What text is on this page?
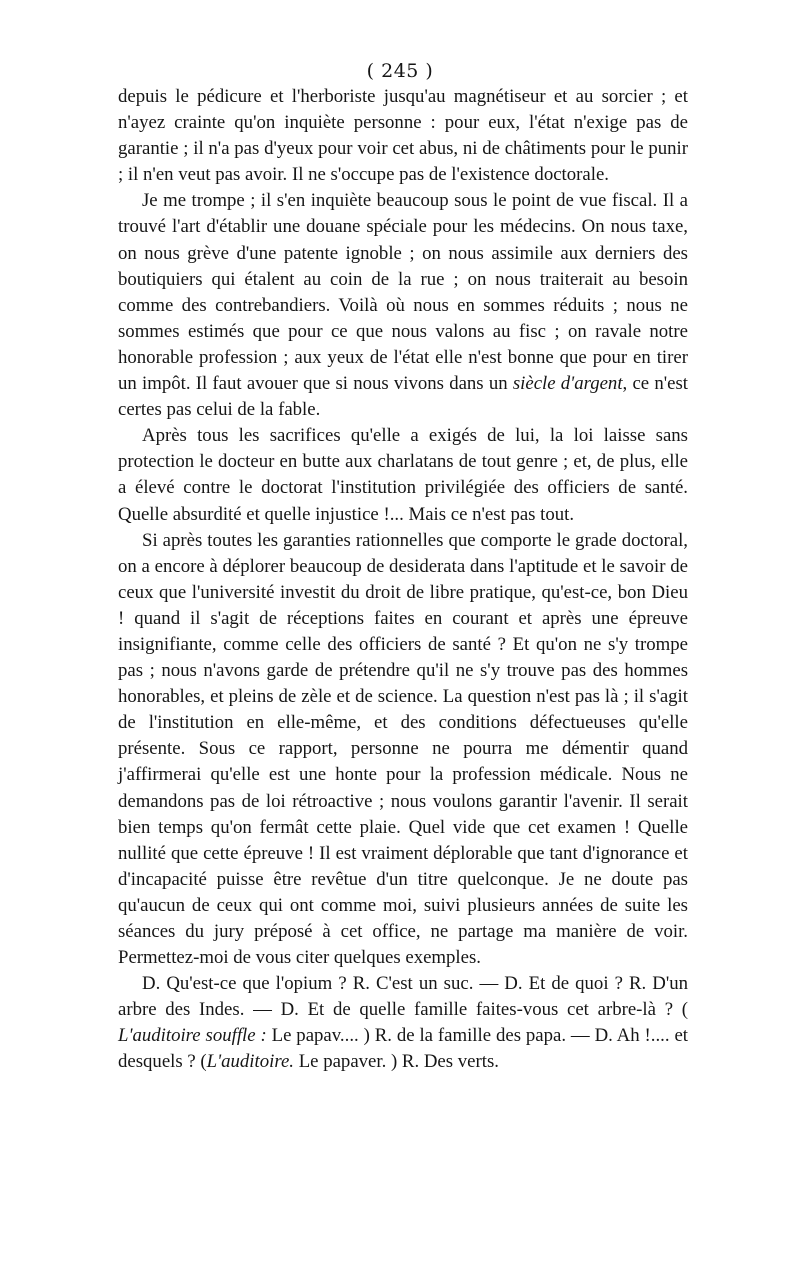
( 245 )

depuis le pédicure et l'herboriste jusqu'au magnétiseur et au sorcier ; et n'ayez crainte qu'on inquiète personne : pour eux, l'état n'exige pas de garantie ; il n'a pas d'yeux pour voir cet abus, ni de châtiments pour le punir ; il n'en veut pas avoir. Il ne s'occupe pas de l'existence doctorale.

Je me trompe ; il s'en inquiète beaucoup sous le point de vue fiscal. Il a trouvé l'art d'établir une douane spéciale pour les médecins. On nous taxe, on nous grève d'une patente ignoble ; on nous assimile aux derniers des boutiquiers qui étalent au coin de la rue ; on nous traiterait au besoin comme des contrebandiers. Voilà où nous en sommes réduits ; nous ne sommes estimés que pour ce que nous valons au fisc ; on ravale notre honorable profession ; aux yeux de l'état elle n'est bonne que pour en tirer un impôt. Il faut avouer que si nous vivons dans un siècle d'argent, ce n'est certes pas celui de la fable.

Après tous les sacrifices qu'elle a exigés de lui, la loi laisse sans protection le docteur en butte aux charlatans de tout genre ; et, de plus, elle a élevé contre le doctorat l'institution privilégiée des officiers de santé. Quelle absurdité et quelle injustice !... Mais ce n'est pas tout.

Si après toutes les garanties rationnelles que comporte le grade doctoral, on a encore à déplorer beaucoup de desiderata dans l'aptitude et le savoir de ceux que l'université investit du droit de libre pratique, qu'est-ce, bon Dieu ! quand il s'agit de réceptions faites en courant et après une épreuve insignifiante, comme celle des officiers de santé ? Et qu'on ne s'y trompe pas ; nous n'avons garde de prétendre qu'il ne s'y trouve pas des hommes honorables, et pleins de zèle et de science. La question n'est pas là ; il s'agit de l'institution en elle-même, et des conditions défectueuses qu'elle présente. Sous ce rapport, personne ne pourra me démentir quand j'affirmerai qu'elle est une honte pour la profession médicale. Nous ne demandons pas de loi rétroactive ; nous voulons garantir l'avenir. Il serait bien temps qu'on fermât cette plaie. Quel vide que cet examen ! Quelle nullité que cette épreuve ! Il est vraiment déplorable que tant d'ignorance et d'incapacité puisse être revêtue d'un titre quelconque. Je ne doute pas qu'aucun de ceux qui ont comme moi, suivi plusieurs années de suite les séances du jury préposé à cet office, ne partage ma manière de voir. Permettez-moi de vous citer quelques exemples.

D. Qu'est-ce que l'opium ? R. C'est un suc. — D. Et de quoi ? R. D'un arbre des Indes. — D. Et de quelle famille faites-vous cet arbre-là ? ( L'auditoire souffle : Le papav.... ) R. de la famille des papa. — D. Ah !.... et desquels ? (L'auditoire. Le papaver. ) R. Des verts.
